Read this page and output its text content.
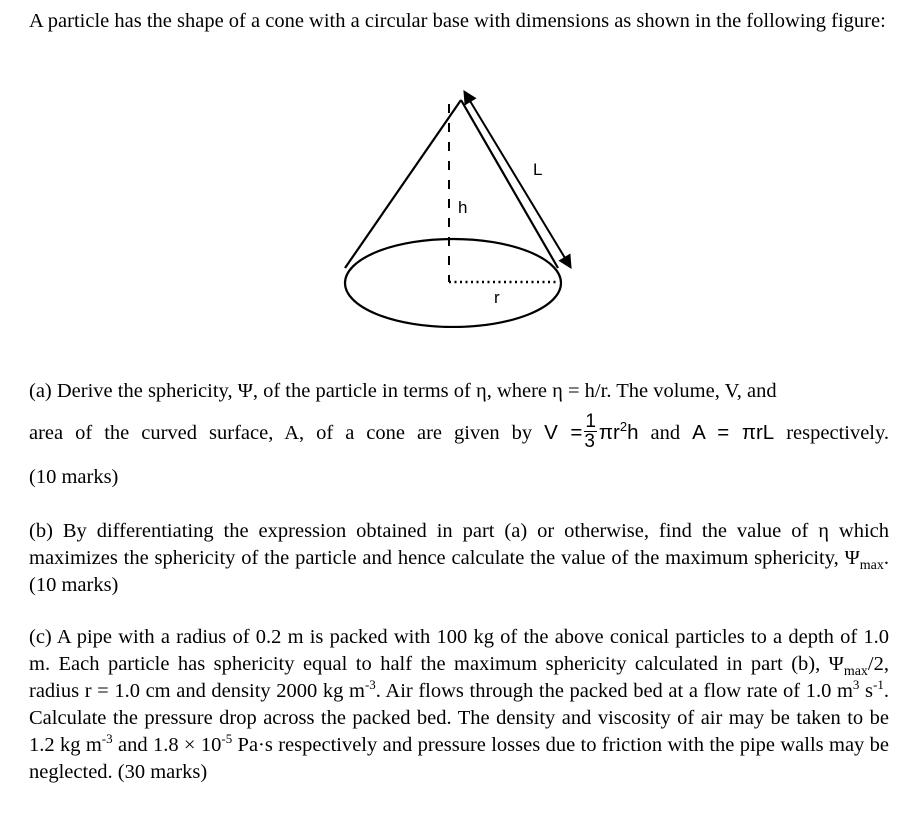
A particle has the shape of a cone with a circular base with dimensions as shown in the following figure:
h
L
r
(a) Derive the sphericity, Ψ, of the particle in terms of η, where η = h/r. The volume, V, and
area of the curved surface, A, of a cone are given by $V = \frac{1}{3} \pi r^2h$ and A = πrL respectively.
(10 marks)
(b) By differentiating the expression obtained in part (a) or otherwise, find the value of η which maximizes the sphericity of the particle and hence calculate the value of the maximum sphericity, $\Psi_{max}$. (10 marks)
(c) A pipe with a radius of 0.2 m is packed with 100 kg of the above conical particles to a depth of 1.0 m. Each particle has sphericity equal to half the maximum sphericity calculated in part (b), $\Psi_{max}/2$, radius r = 1.0 cm and density 2000 kg $m^{-3}$. Air flows through the packed bed at a flow rate of 1.0 $m^3$ $s^{-1}$. Calculate the pressure drop across the packed bed. The density and viscosity of air may be taken to be 1.2 kg $m^{-3}$ and $1.8 \times 10^{-5}$ Pa·s respectively and pressure losses due to friction with the pipe walls may be neglected. (30 marks)
